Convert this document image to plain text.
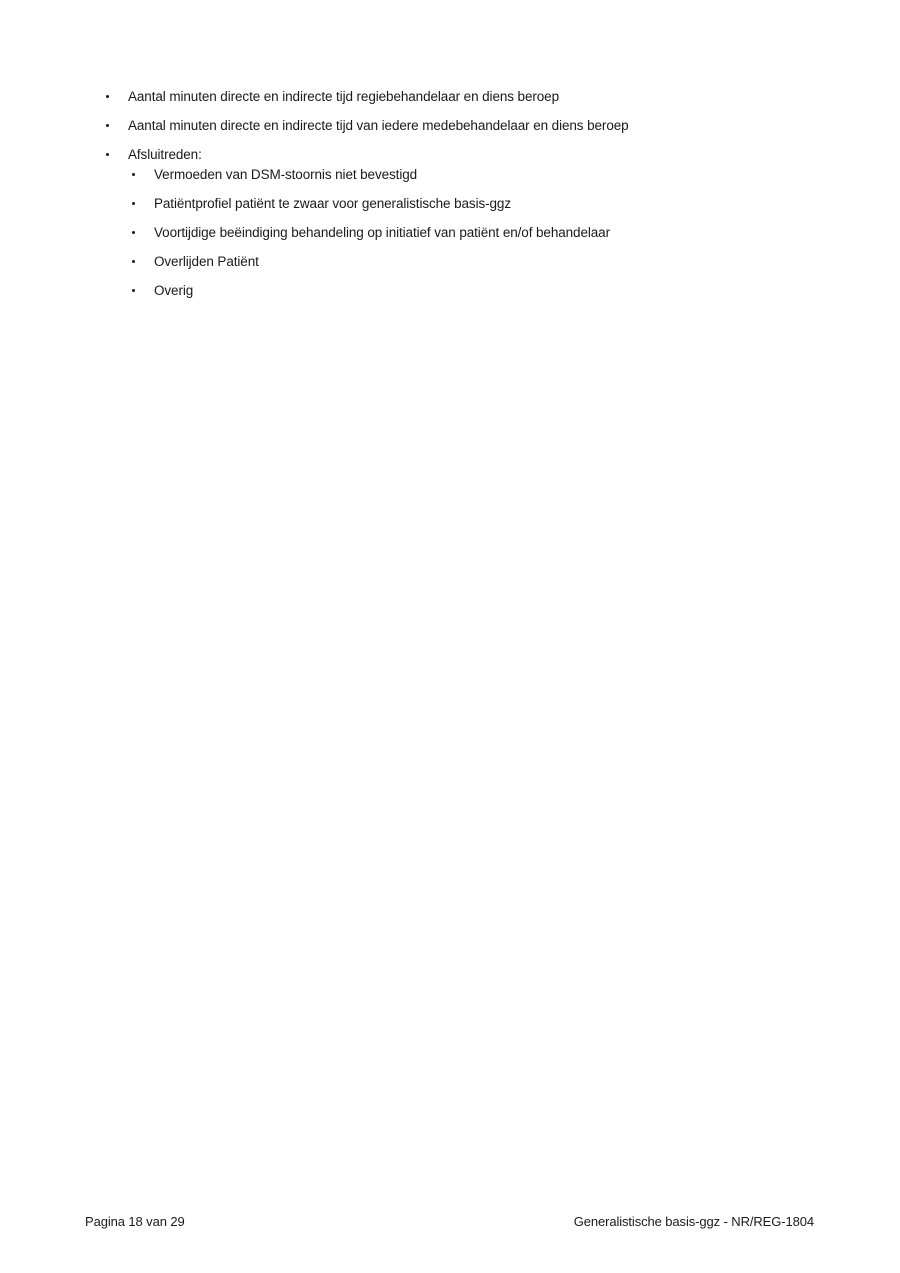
Aantal minuten directe en indirecte tijd regiebehandelaar en diens beroep
Aantal minuten directe en indirecte tijd van iedere medebehandelaar en diens beroep
Afsluitreden:
Vermoeden van DSM-stoornis niet bevestigd
Patiëntprofiel patiënt te zwaar voor generalistische basis-ggz
Voortijdige beëindiging behandeling op initiatief van patiënt en/of behandelaar
Overlijden Patiënt
Overig
Pagina 18 van 29	Generalistische basis-ggz - NR/REG-1804
